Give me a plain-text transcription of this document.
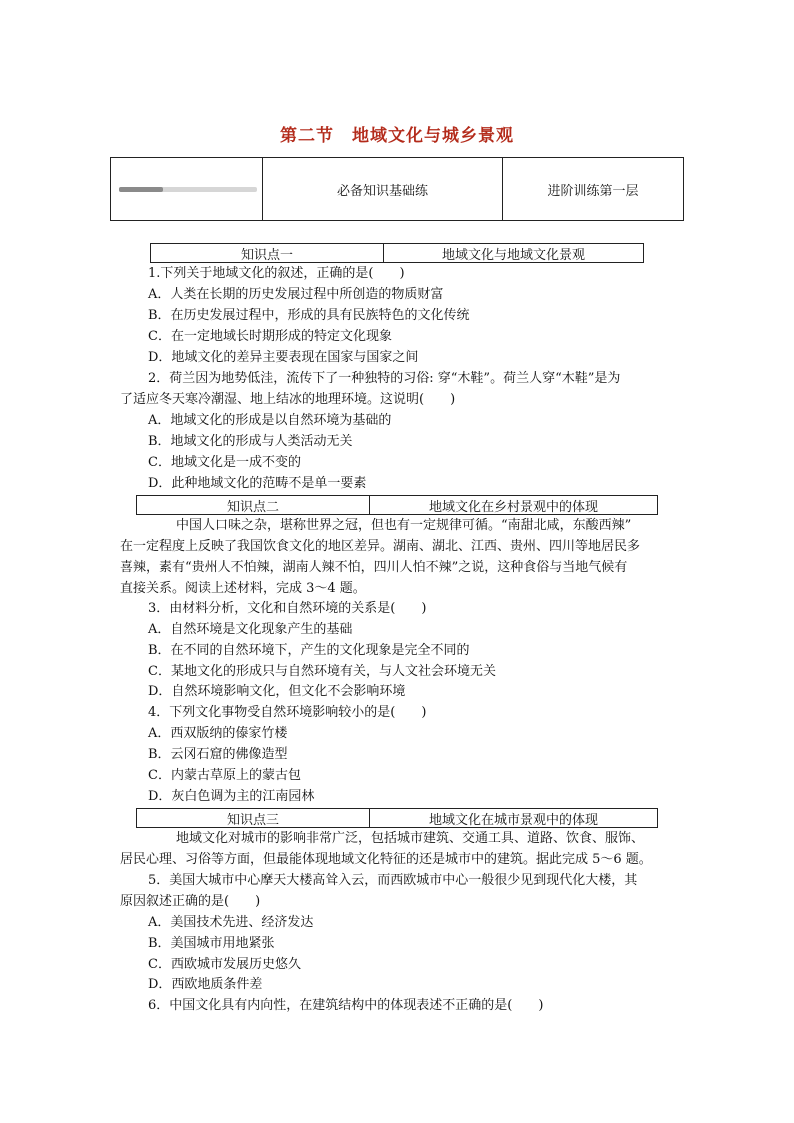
第二节　地域文化与城乡景观
必备知识基础练	进阶训练第一层
知识点一	地域文化与地域文化景观
1.下列关于地域文化的叙述，正确的是(　　)
A．人类在长期的历史发展过程中所创造的物质财富
B．在历史发展过程中，形成的具有民族特色的文化传统
C．在一定地域长时期形成的特定文化现象
D．地域文化的差异主要表现在国家与国家之间
2．荷兰因为地势低洼，流传下了一种独特的习俗: 穿“木鞋”。荷兰人穿“木鞋”是为
了适应冬天寒冷潮湿、地上结冰的地理环境。这说明(　　)
A．地域文化的形成是以自然环境为基础的
B．地域文化的形成与人类活动无关
C．地域文化是一成不变的
D．此种地域文化的范畴不是单一要素
知识点二	地域文化在乡村景观中的体现
中国人口味之杂，堪称世界之冠，但也有一定规律可循。“南甜北咸，东酸西辣”
在一定程度上反映了我国饮食文化的地区差异。湖南、湖北、江西、贵州、四川等地居民多
喜辣，素有“贵州人不怕辣，湖南人辣不怕，四川人怕不辣”之说，这种食俗与当地气候有
直接关系。阅读上述材料，完成 3～4 题。
3．由材料分析，文化和自然环境的关系是(　　)
A．自然环境是文化现象产生的基础
B．在不同的自然环境下，产生的文化现象是完全不同的
C．某地文化的形成只与自然环境有关，与人文社会环境无关
D．自然环境影响文化，但文化不会影响环境
4．下列文化事物受自然环境影响较小的是(　　)
A．西双版纳的傣家竹楼
B．云冈石窟的佛像造型
C．内蒙古草原上的蒙古包
D．灰白色调为主的江南园林
知识点三	地域文化在城市景观中的体现
地域文化对城市的影响非常广泛，包括城市建筑、交通工具、道路、饮食、服饰、
居民心理、习俗等方面，但最能体现地域文化特征的还是城市中的建筑。据此完成 5～6 题。
5．美国大城市中心摩天大楼高耸入云，而西欧城市中心一般很少见到现代化大楼，其
原因叙述正确的是(　　)
A．美国技术先进、经济发达
B．美国城市用地紧张
C．西欧城市发展历史悠久
D．西欧地质条件差
6．中国文化具有内向性，在建筑结构中的体现表述不正确的是(　　)
